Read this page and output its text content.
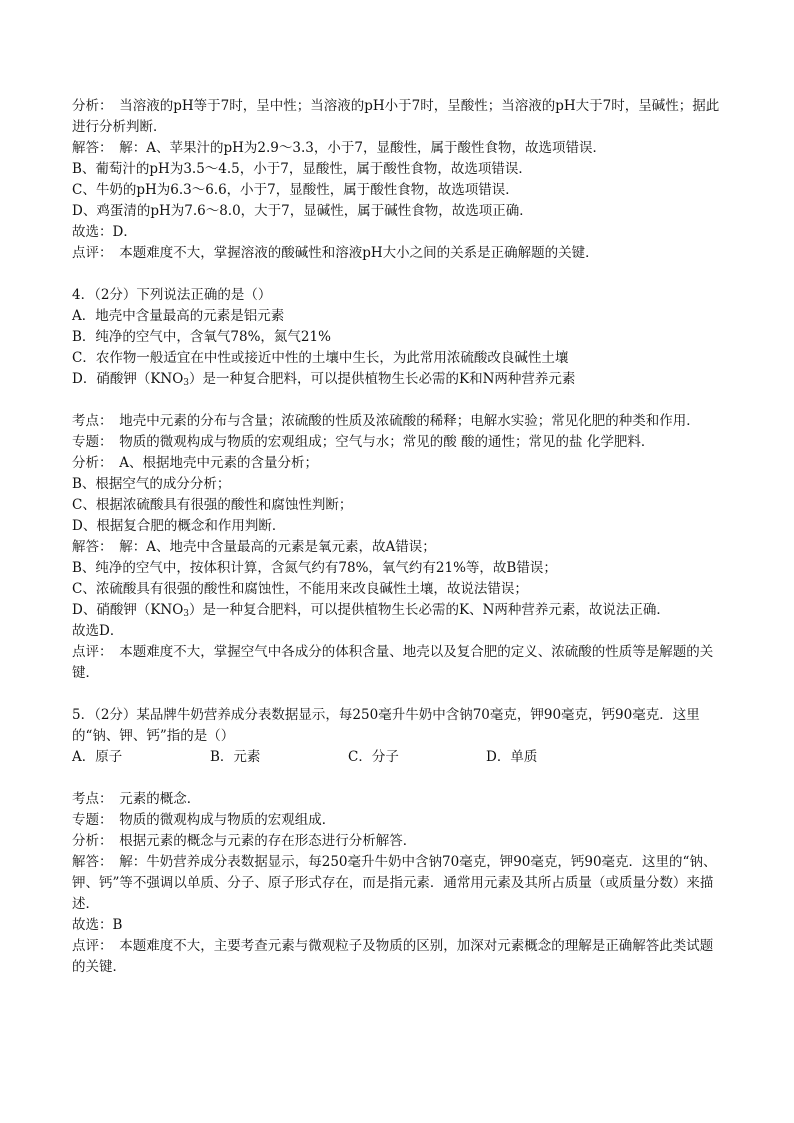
分析：　当溶液的pH等于7时，呈中性；当溶液的pH小于7时，呈酸性；当溶液的pH大于7时，呈碱性；据此进行分析判断．
解答：　解：A、苹果汁的pH为2.9～3.3，小于7，显酸性，属于酸性食物，故选项错误．
B、葡萄汁的pH为3.5～4.5，小于7，显酸性，属于酸性食物，故选项错误．
C、牛奶的pH为6.3～6.6，小于7，显酸性，属于酸性食物，故选项错误．
D、鸡蛋清的pH为7.6～8.0，大于7，显碱性，属于碱性食物，故选项正确．
故选：D．
点评：　本题难度不大，掌握溶液的酸碱性和溶液pH大小之间的关系是正确解题的关键．
4．（2分）下列说法正确的是（）
A．地壳中含量最高的元素是铝元素
B．纯净的空气中，含氧气78%，氮气21%
C．农作物一般适宜在中性或接近中性的土壤中生长，为此常用浓硫酸改良碱性土壤
D．硝酸钾$(KNO_3)$是一种复合肥料，可以提供植物生长必需的K和N两种营养元素
考点：　地壳中元素的分布与含量；浓硫酸的性质及浓硫酸的稀释；电解水实验；常见化肥的种类和作用．
专题：　物质的微观构成与物质的宏观组成；空气与水；常见的酸 酸的通性；常见的盐 化学肥料．
分析：　A、根据地壳中元素的含量分析；
B、根据空气的成分分析；
C、根据浓硫酸具有很强的酸性和腐蚀性判断；
D、根据复合肥的概念和作用判断．
解答：　解：A、地壳中含量最高的元素是氧元素，故A错误；
B、纯净的空气中，按体积计算，含氮气约有78%，氧气约有21%等，故B错误；
C、浓硫酸具有很强的酸性和腐蚀性，不能用来改良碱性土壤，故说法错误；
D、硝酸钾$(KNO_3)$是一种复合肥料，可以提供植物生长必需的K、N两种营养元素，故说法正确．
故选D．
点评：　本题难度不大，掌握空气中各成分的体积含量、地壳以及复合肥的定义、浓硫酸的性质等是解题的关键．
5．（2分）某品牌牛奶营养成分表数据显示，每250毫升牛奶中含钠70毫克，钾90毫克，钙90毫克．这里的“钠、钾、钙”指的是（）
A．原子	B．元素	C．分子	D．单质
考点：　元素的概念．
专题：　物质的微观构成与物质的宏观组成．
分析：　根据元素的概念与元素的存在形态进行分析解答．
解答：　解：牛奶营养成分表数据显示，每250毫升牛奶中含钠70毫克，钾90毫克，钙90毫克．这里的“钠、钾、钙”等不强调以单质、分子、原子形式存在，而是指元素．通常用元素及其所占质量（或质量分数）来描述．
故选：B
点评：　本题难度不大，主要考查元素与微观粒子及物质的区别，加深对元素概念的理解是正确解答此类试题的关键．
